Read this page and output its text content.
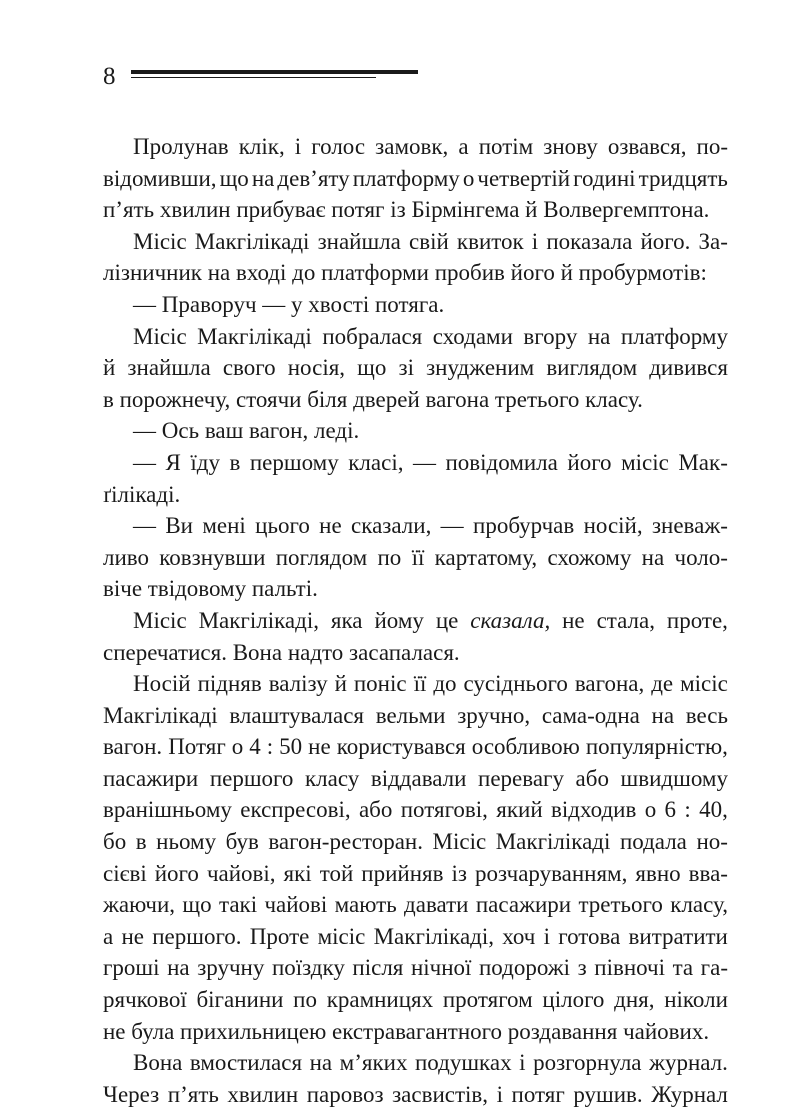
8
Пролунав клік, і голос замовк, а потім знову озвався, по-
відомивши, що на дев’яту платформу о четвертій годині тридцять
п’ять хвилин прибуває потяг із Бірмінгема й Волвергемптона.
Місіс Макгілікаді знайшла свій квиток і показала його. За-
лізничник на вході до платформи пробив його й пробурмотів:
— Праворуч — у хвості потяга.
Місіс Макгілікаді побралася сходами вгору на платформу
й знайшла свого носія, що зі знудженим виглядом дивився
в порожнечу, стоячи біля дверей вагона третього класу.
— Ось ваш вагон, леді.
— Я їду в першому класі, — повідомила його місіс Мак-
ґілікаді.
— Ви мені цього не сказали, — пробурчав носій, зневаж-
ливо ковзнувши поглядом по її картатому, схожому на чоло-
віче твідовому пальті.
Місіс Макгілікаді, яка йому це сказала, не стала, проте,
сперечатися. Вона надто засапалася.
Носій підняв валізу й поніс її до сусіднього вагона, де місіс
Макгілікаді влаштувалася вельми зручно, сама-одна на весь
вагон. Потяг о 4 : 50 не користувався особливою популярністю,
пасажири першого класу віддавали перевагу або швидшому
вранішньому експресові, або потягові, який відходив о 6 : 40,
бо в ньому був вагон-ресторан. Місіс Макгілікаді подала но-
сієві його чайові, які той прийняв із розчаруванням, явно вва-
жаючи, що такі чайові мають давати пасажири третього класу,
а не першого. Проте місіс Макгілікаді, хоч і готова витратити
гроші на зручну поїздку після нічної подорожі з півночі та га-
рячкової біганини по крамницях протягом цілого дня, ніколи
не була прихильницею екстравагантного роздавання чайових.
Вона вмостилася на м’яких подушках і розгорнула журнал.
Через п’ять хвилин паровоз засвистів, і потяг рушив. Журнал
